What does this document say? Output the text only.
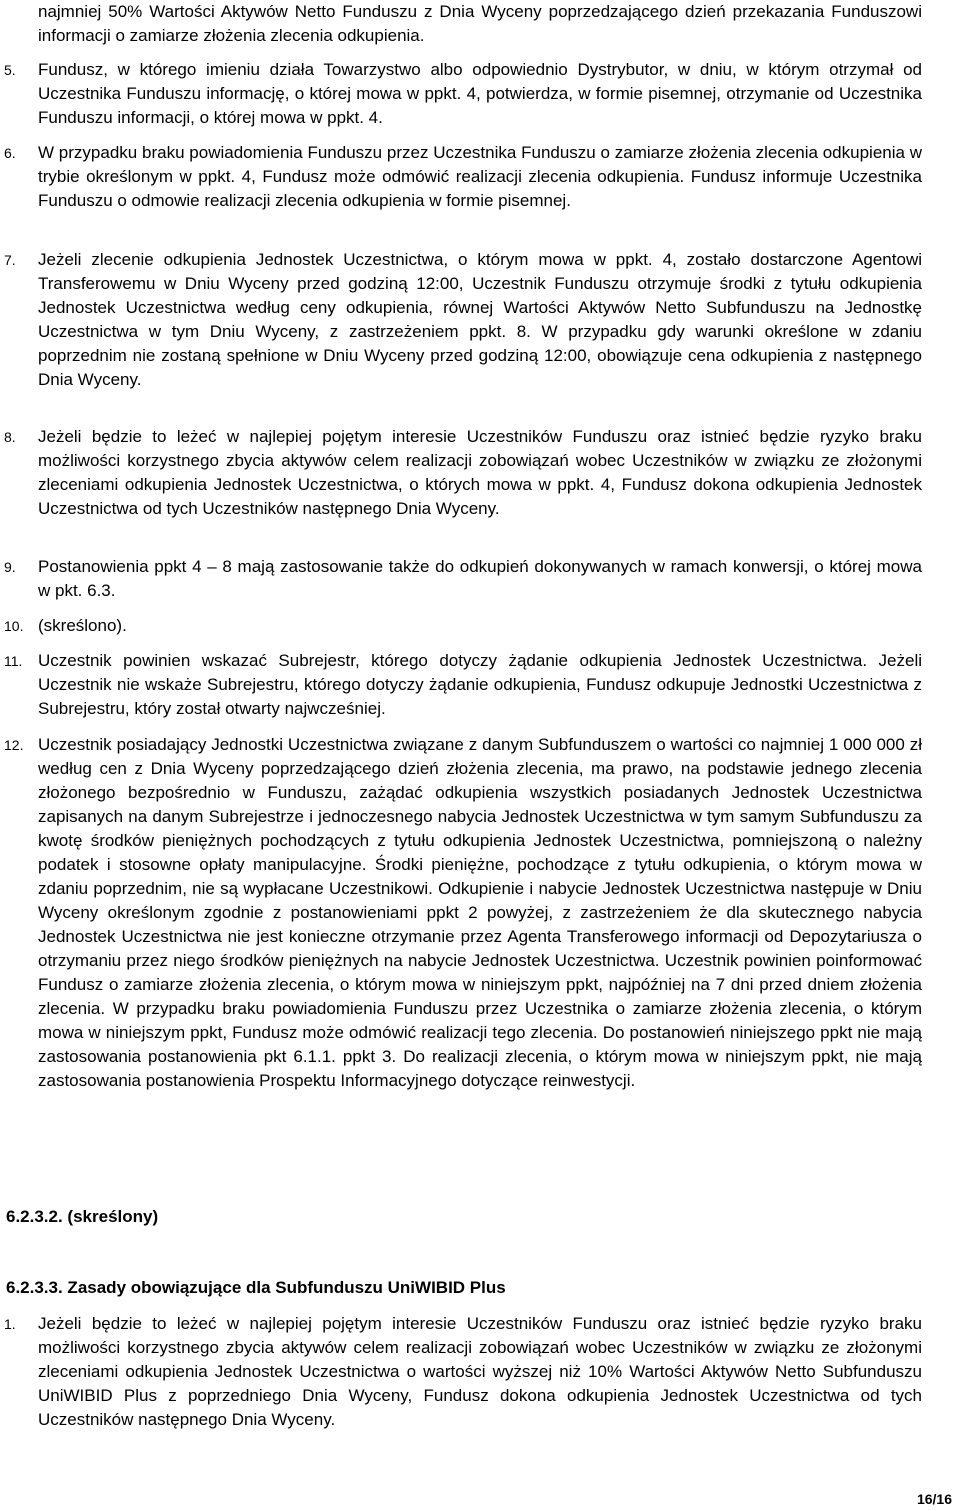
najmniej 50% Wartości Aktywów Netto Funduszu z Dnia Wyceny poprzedzającego dzień przekazania Funduszowi informacji o zamiarze złożenia zlecenia odkupienia.
5. Fundusz, w którego imieniu działa Towarzystwo albo odpowiednio Dystrybutor, w dniu, w którym otrzymał od Uczestnika Funduszu informację, o której mowa w ppkt. 4, potwierdza, w formie pisemnej, otrzymanie od Uczestnika Funduszu informacji, o której mowa w ppkt. 4.
6. W przypadku braku powiadomienia Funduszu przez Uczestnika Funduszu o zamiarze złożenia zlecenia odkupienia w trybie określonym w ppkt. 4, Fundusz może odmówić realizacji zlecenia odkupienia. Fundusz informuje Uczestnika Funduszu o odmowie realizacji zlecenia odkupienia w formie pisemnej.
7. Jeżeli zlecenie odkupienia Jednostek Uczestnictwa, o którym mowa w ppkt. 4, zostało dostarczone Agentowi Transferowemu w Dniu Wyceny przed godziną 12:00, Uczestnik Funduszu otrzymuje środki z tytułu odkupienia Jednostek Uczestnictwa według ceny odkupienia, równej Wartości Aktywów Netto Subfunduszu na Jednostkę Uczestnictwa w tym Dniu Wyceny, z zastrzeżeniem ppkt. 8. W przypadku gdy warunki określone w zdaniu poprzednim nie zostaną spełnione w Dniu Wyceny przed godziną 12:00, obowiązuje cena odkupienia z następnego Dnia Wyceny.
8. Jeżeli będzie to leżeć w najlepiej pojętym interesie Uczestników Funduszu oraz istnieć będzie ryzyko braku możliwości korzystnego zbycia aktywów celem realizacji zobowiązań wobec Uczestników w związku ze złożonymi zleceniami odkupienia Jednostek Uczestnictwa, o których mowa w ppkt. 4, Fundusz dokona odkupienia Jednostek Uczestnictwa od tych Uczestników następnego Dnia Wyceny.
9. Postanowienia ppkt 4 – 8 mają zastosowanie także do odkupień dokonywanych w ramach konwersji, o której mowa w pkt. 6.3.
10. (skreślono).
11. Uczestnik powinien wskazać Subrejestr, którego dotyczy żądanie odkupienia Jednostek Uczestnictwa. Jeżeli Uczestnik nie wskaże Subrejestru, którego dotyczy żądanie odkupienia, Fundusz odkupuje Jednostki Uczestnictwa z Subrejestru, który został otwarty najwcześniej.
12. Uczestnik posiadający Jednostki Uczestnictwa związane z danym Subfunduszem o wartości co najmniej 1 000 000 zł według cen z Dnia Wyceny poprzedzającego dzień złożenia zlecenia, ma prawo, na podstawie jednego zlecenia złożonego bezpośrednio w Funduszu, zażądać odkupienia wszystkich posiadanych Jednostek Uczestnictwa zapisanych na danym Subrejestrze i jednoczesnego nabycia Jednostek Uczestnictwa w tym samym Subfunduszu za kwotę środków pieniężnych pochodzących z tytułu odkupienia Jednostek Uczestnictwa, pomniejszoną o należny podatek i stosowne opłaty manipulacyjne. Środki pieniężne, pochodzące z tytułu odkupienia, o którym mowa w zdaniu poprzednim, nie są wypłacane Uczestnikowi. Odkupienie i nabycie Jednostek Uczestnictwa następuje w Dniu Wyceny określonym zgodnie z postanowieniami ppkt 2 powyżej, z zastrzeżeniem że dla skutecznego nabycia Jednostek Uczestnictwa nie jest konieczne otrzymanie przez Agenta Transferowego informacji od Depozytariusza o otrzymaniu przez niego środków pieniężnych na nabycie Jednostek Uczestnictwa. Uczestnik powinien poinformować Fundusz o zamiarze złożenia zlecenia, o którym mowa w niniejszym ppkt, najpóźniej na 7 dni przed dniem złożenia zlecenia. W przypadku braku powiadomienia Funduszu przez Uczestnika o zamiarze złożenia zlecenia, o którym mowa w niniejszym ppkt, Fundusz może odmówić realizacji tego zlecenia. Do postanowień niniejszego ppkt nie mają zastosowania postanowienia pkt 6.1.1. ppkt 3. Do realizacji zlecenia, o którym mowa w niniejszym ppkt, nie mają zastosowania postanowienia Prospektu Informacyjnego dotyczące reinwestycji.
6.2.3.2. (skreślony)
6.2.3.3. Zasady obowiązujące dla Subfunduszu UniWIBID Plus
1. Jeżeli będzie to leżeć w najlepiej pojętym interesie Uczestników Funduszu oraz istnieć będzie ryzyko braku możliwości korzystnego zbycia aktywów celem realizacji zobowiązań wobec Uczestników w związku ze złożonymi zleceniami odkupienia Jednostek Uczestnictwa o wartości wyższej niż 10% Wartości Aktywów Netto Subfunduszu UniWIBID Plus z poprzedniego Dnia Wyceny, Fundusz dokona odkupienia Jednostek Uczestnictwa od tych Uczestników następnego Dnia Wyceny.
16/16
